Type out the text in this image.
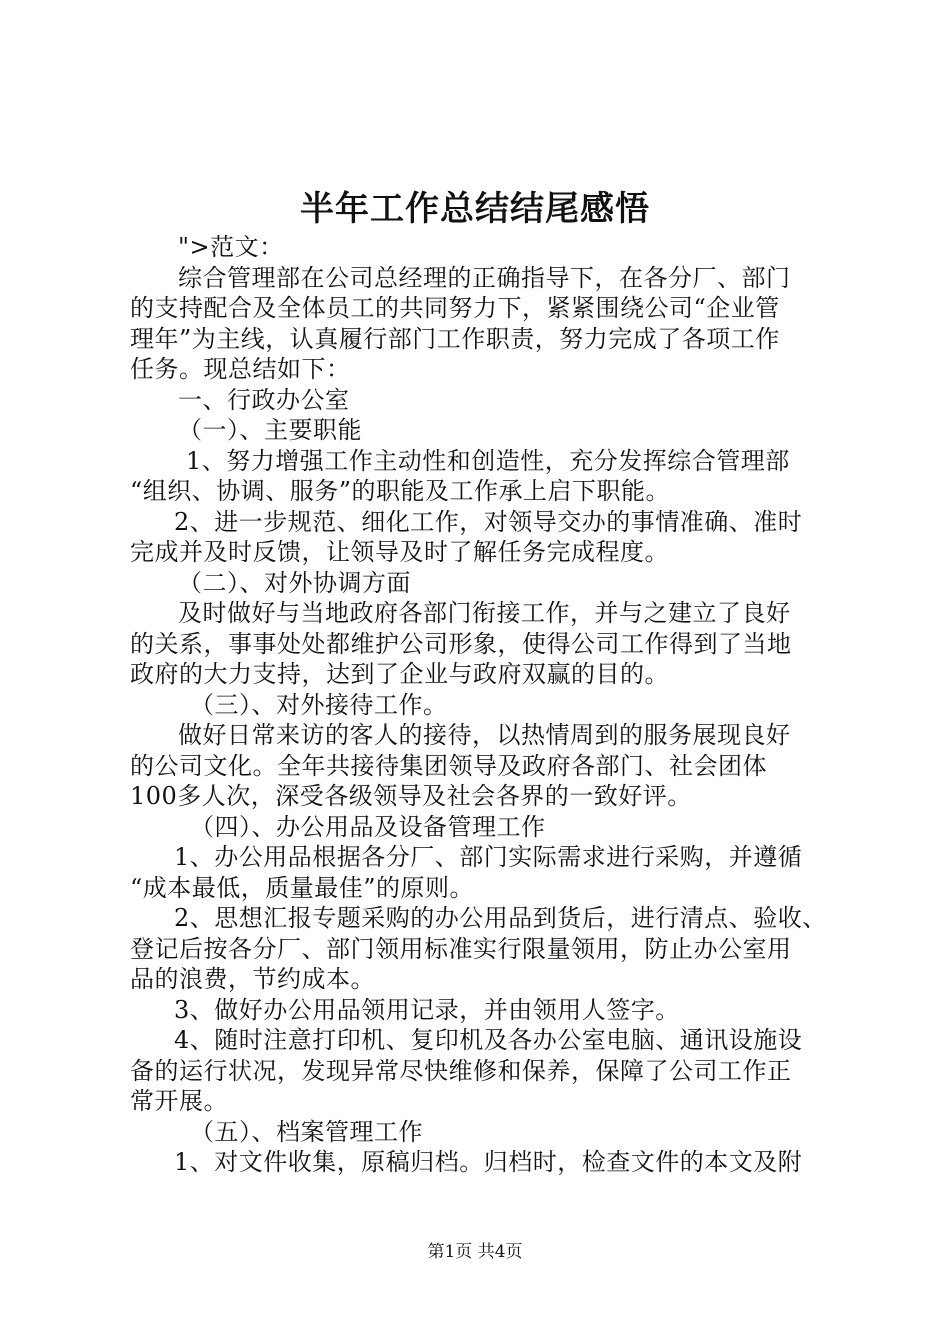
半年工作总结结尾感悟
">范文：
综合管理部在公司总经理的正确指导下，在各分厂、部门
的支持配合及全体员工的共同努力下，紧紧围绕公司“企业管
理年”为主线，认真履行部门工作职责，努力完成了各项工作
任务。现总结如下：
一、行政办公室
（一）、主要职能
1、努力增强工作主动性和创造性，充分发挥综合管理部
“组织、协调、服务”的职能及工作承上启下职能。
2、进一步规范、细化工作，对领导交办的事情准确、准时
完成并及时反馈，让领导及时了解任务完成程度。
（二）、对外协调方面
及时做好与当地政府各部门衔接工作，并与之建立了良好
的关系，事事处处都维护公司形象，使得公司工作得到了当地
政府的大力支持，达到了企业与政府双赢的目的。
（三）、对外接待工作。
做好日常来访的客人的接待，以热情周到的服务展现良好
的公司文化。全年共接待集团领导及政府各部门、社会团体
100多人次，深受各级领导及社会各界的一致好评。
（四）、办公用品及设备管理工作
1、办公用品根据各分厂、部门实际需求进行采购，并遵循
“成本最低，质量最佳”的原则。
2、思想汇报专题采购的办公用品到货后，进行清点、验收、
登记后按各分厂、部门领用标准实行限量领用，防止办公室用
品的浪费，节约成本。
3、做好办公用品领用记录，并由领用人签字。
4、随时注意打印机、复印机及各办公室电脑、通讯设施设
备的运行状况，发现异常尽快维修和保养，保障了公司工作正
常开展。
（五）、档案管理工作
1、对文件收集，原稿归档。归档时，检查文件的本文及附
第1页 共4页
